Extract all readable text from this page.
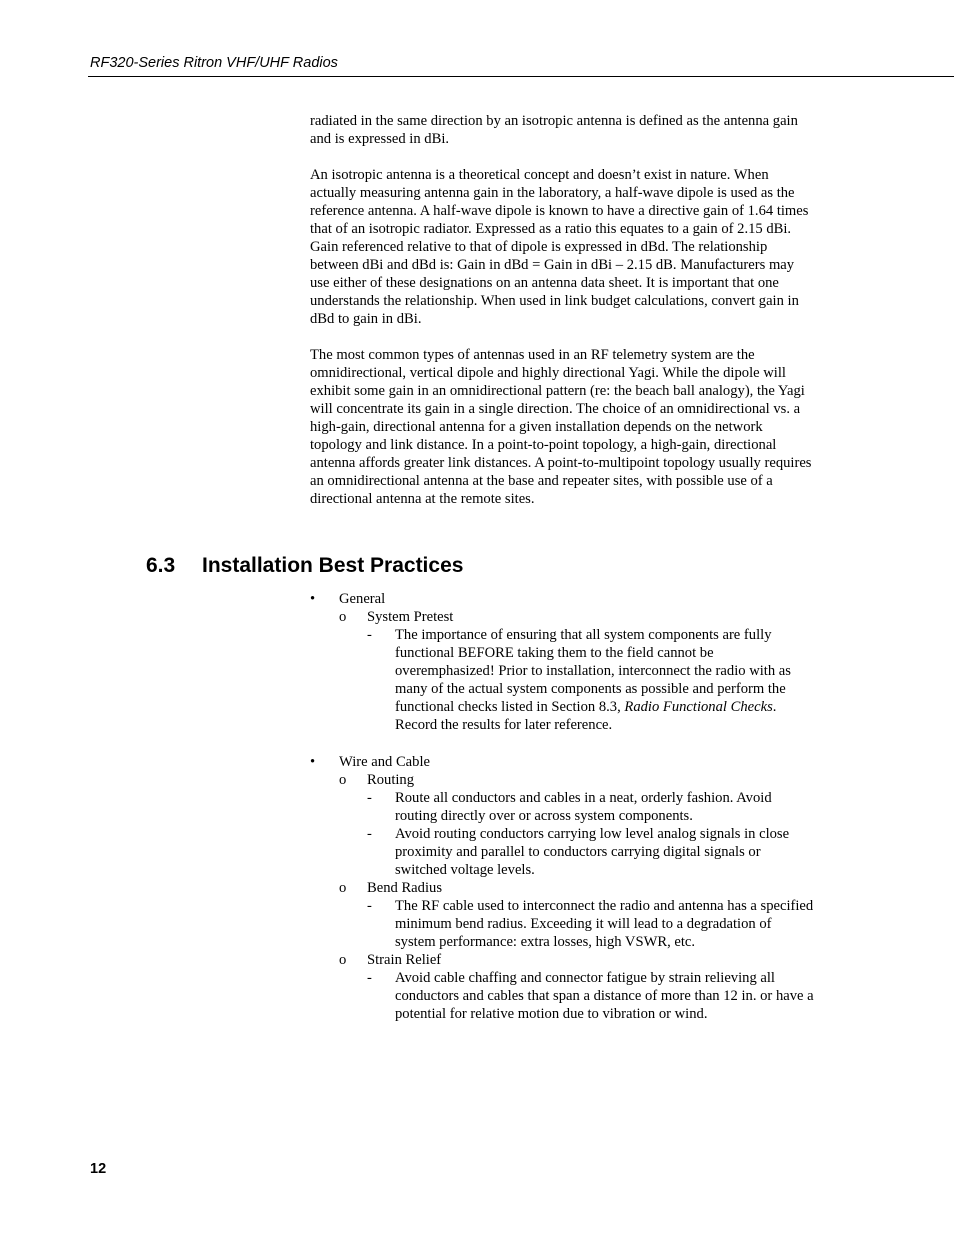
RF320-Series Ritron VHF/UHF Radios

radiated in the same direction by an isotropic antenna is defined as the antenna gain and is expressed in dBi.

An isotropic antenna is a theoretical concept and doesn’t exist in nature. When actually measuring antenna gain in the laboratory, a half-wave dipole is used as the reference antenna. A half-wave dipole is known to have a directive gain of 1.64 times that of an isotropic radiator. Expressed as a ratio this equates to a gain of 2.15 dBi. Gain referenced relative to that of dipole is expressed in dBd. The relationship between dBi and dBd is: Gain in dBd = Gain in dBi – 2.15 dB. Manufacturers may use either of these designations on an antenna data sheet. It is important that one understands the relationship. When used in link budget calculations, convert gain in dBd to gain in dBi.

The most common types of antennas used in an RF telemetry system are the omnidirectional, vertical dipole and highly directional Yagi. While the dipole will exhibit some gain in an omnidirectional pattern (re: the beach ball analogy), the Yagi will concentrate its gain in a single direction. The choice of an omnidirectional vs. a high-gain, directional antenna for a given installation depends on the network topology and link distance. In a point-to-point topology, a high-gain, directional antenna affords greater link distances. A point-to-multipoint topology usually requires an omnidirectional antenna at the base and repeater sites, with possible use of a directional antenna at the remote sites.

6.3 Installation Best Practices
• General
o System Pretest
- The importance of ensuring that all system components are fully functional BEFORE taking them to the field cannot be overemphasized! Prior to installation, interconnect the radio with as many of the actual system components as possible and perform the functional checks listed in Section 8.3, Radio Functional Checks. Record the results for later reference.
• Wire and Cable
o Routing
- Route all conductors and cables in a neat, orderly fashion. Avoid routing directly over or across system components.
- Avoid routing conductors carrying low level analog signals in close proximity and parallel to conductors carrying digital signals or switched voltage levels.
o Bend Radius
- The RF cable used to interconnect the radio and antenna has a specified minimum bend radius. Exceeding it will lead to a degradation of system performance: extra losses, high VSWR, etc.
o Strain Relief
- Avoid cable chaffing and connector fatigue by strain relieving all conductors and cables that span a distance of more than 12 in. or have a potential for relative motion due to vibration or wind.
12
